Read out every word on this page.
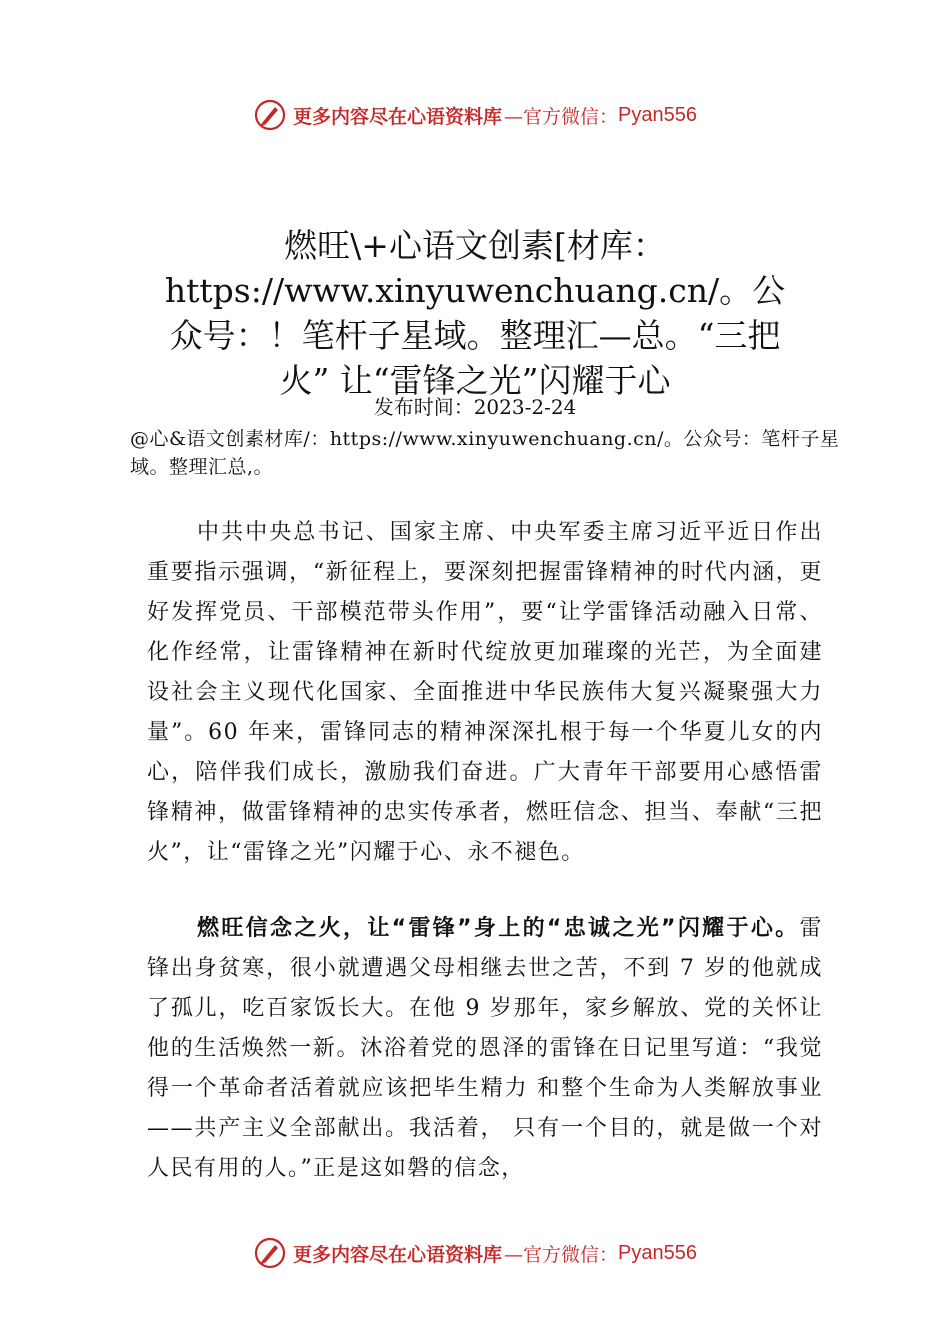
更多内容尽在心语资料库 —官方微信： Pyan556
燃旺\+心语文创素[材库：https://www.xinyuwenchuang.cn/。公众号：！笔杆子星域。整理汇—总。“三把火” 让“雷锋之光”闪耀于心
发布时间：2023-2-24
@心&语文创素材库/：https://www.xinyuwenchuang.cn/。公众号：笔杆子星域。整理汇总,。

中共中央总书记、国家主席、中央军委主席习近平近日作出重要指示强调，“新征程上，要深刻把握雷锋精神的时代内涵，更好发挥党员、干部模范带头作用”，要“让学雷锋活动融入日常、化作经常，让雷锋精神在新时代绽放更加璀璨的光芒，为全面建设社会主义现代化国家、全面推进中华民族伟大复兴凝聚强大力量”。60 年来，雷锋同志的精神深深扎根于每一个华夏儿女的内心，陪伴我们成长，激励我们奋进。广大青年干部要用心感悟雷锋精神，做雷锋精神的忠实传承者，燃旺信念、担当、奉献“三把火”，让“雷锋之光”闪耀于心、永不褪色。

燃旺信念之火，让“雷锋”身上的“忠诚之光”闪耀于心。雷锋出身贫寒，很小就遭遇父母相继去世之苦，不到 7 岁的他就成了孤儿，吃百家饭长大。在他 9 岁那年，家乡解放、党的关怀让他的生活焕然一新。沐浴着党的恩泽的雷锋在日记里写道：“我觉得一个革命者活着就应该把毕生精力 和整个生命为人类解放事业——共产主义全部献出。我活着， 只有一个目的，就是做一个对人民有用的人。”正是这如磐的信念，

更多内容尽在心语资料库 —官方微信： Pyan556
